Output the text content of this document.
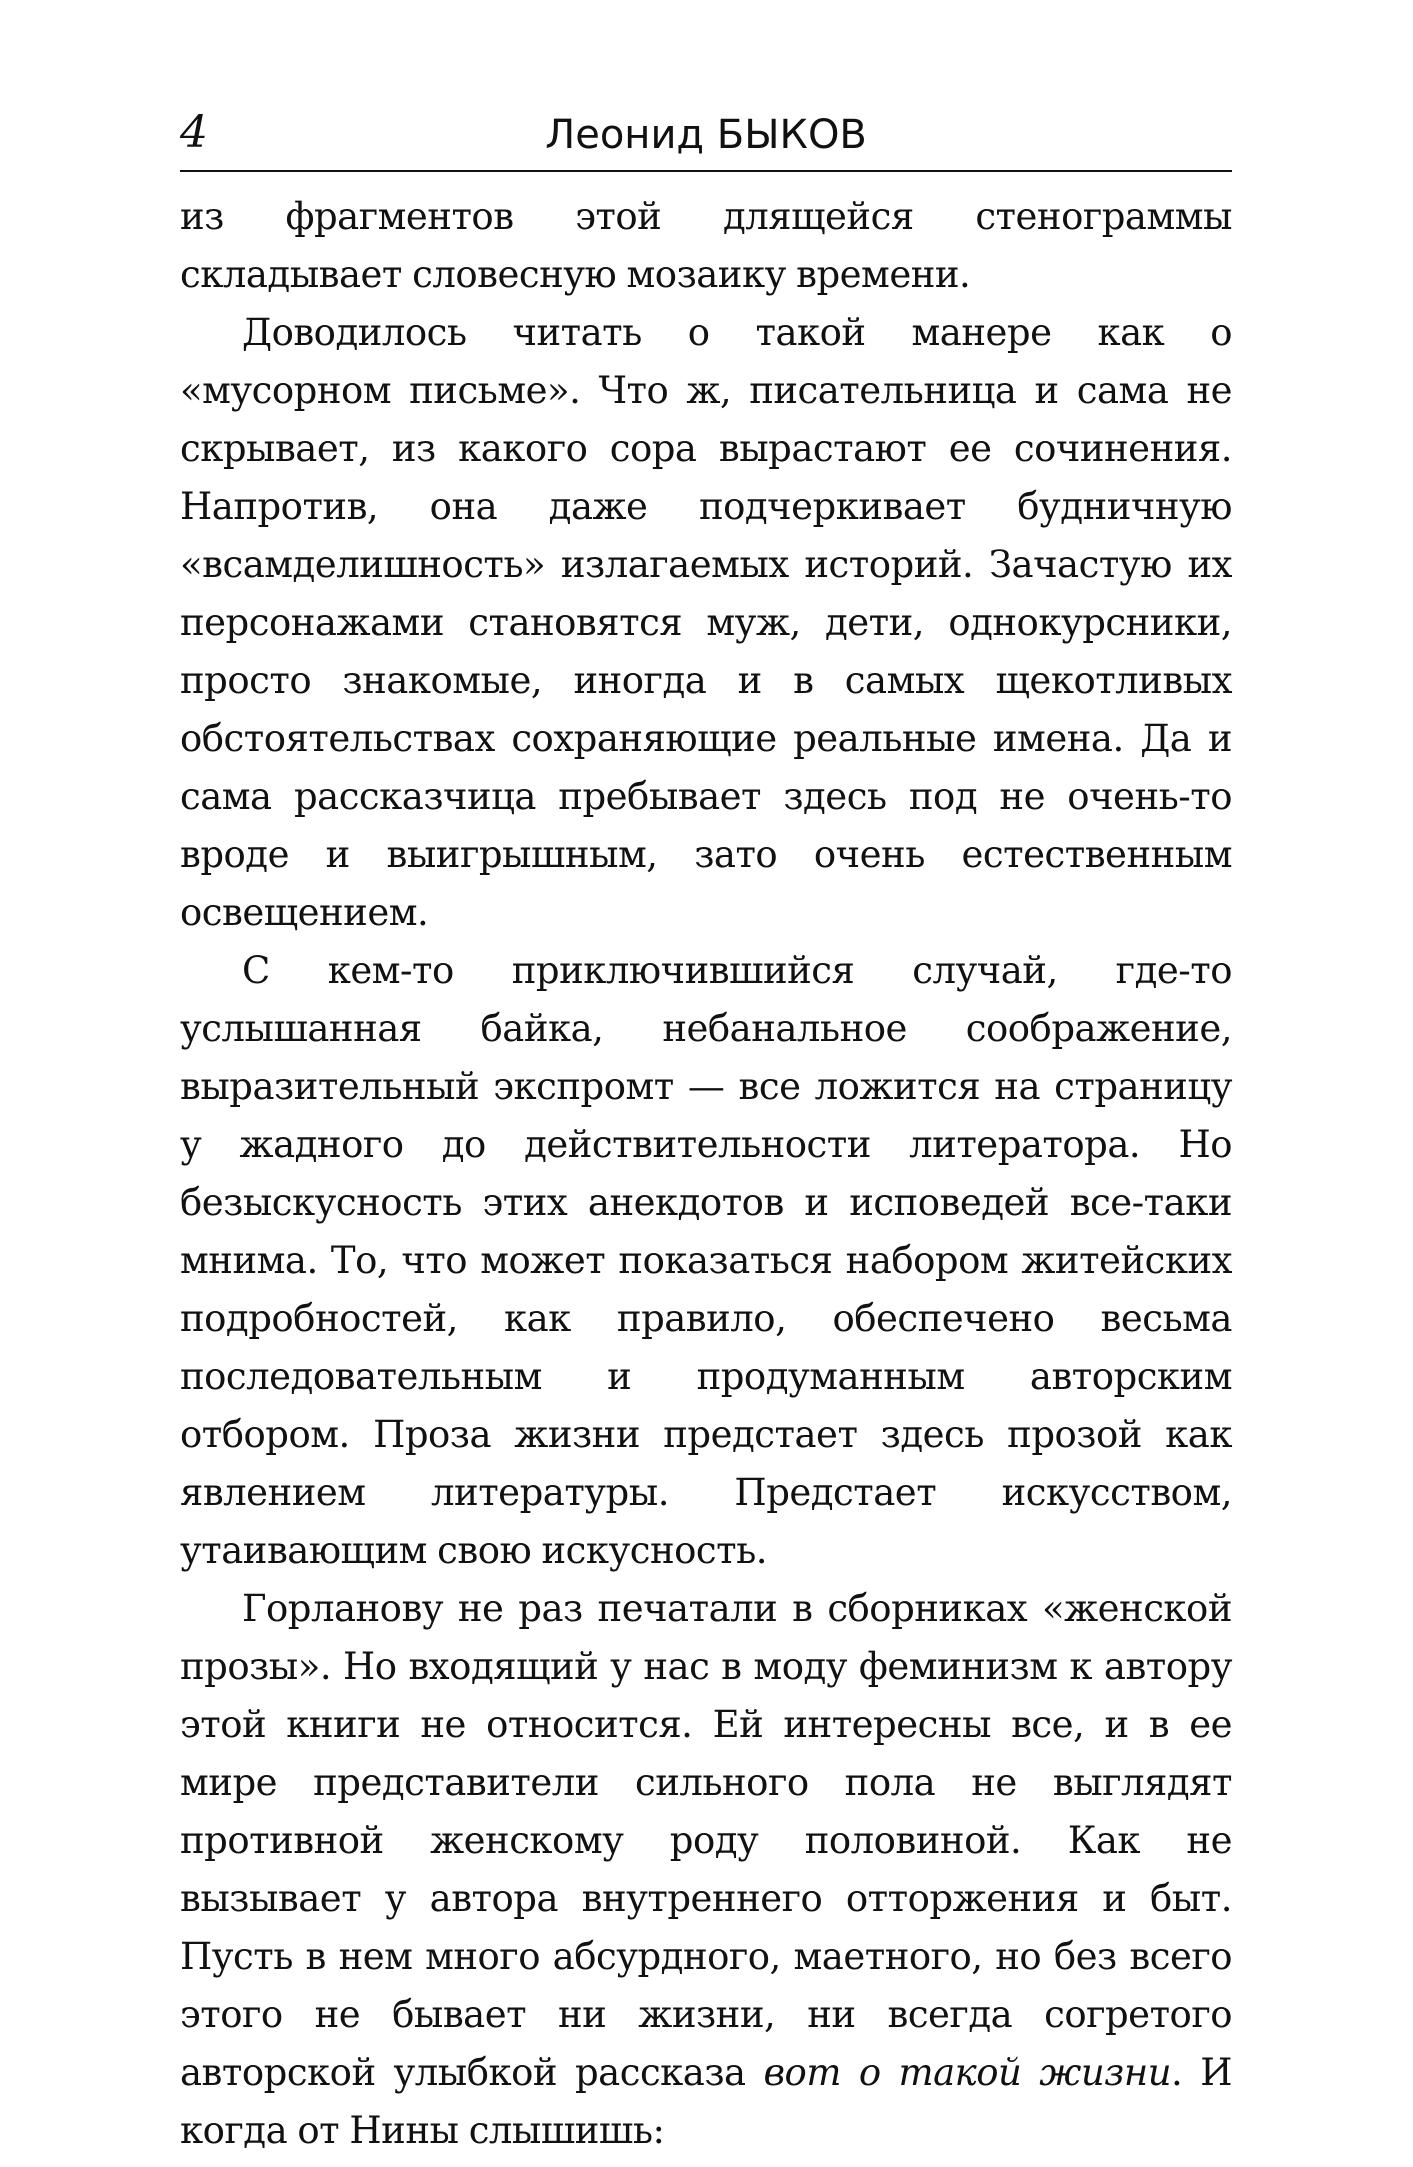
4	Леонид БЫКОВ

из фрагментов этой длящейся стенограммы складывает словесную мозаику времени.

Доводилось читать о такой манере как о «мусорном письме». Что ж, писательница и сама не скрывает, из какого сора вырастают ее сочинения. Напротив, она даже подчеркивает будничную «всамделишность» излагаемых историй. Зачастую их персонажами становятся муж, дети, однокурсники, просто знакомые, иногда и в самых щекотливых обстоятельствах сохраняющие реальные имена. Да и сама рассказчица пребывает здесь под не очень-то вроде и выигрышным, зато очень естественным освещением.

С кем-то приключившийся случай, где-то услышанная байка, небанальное соображение, выразительный экспромт — все ложится на страницу у жадного до действительности литератора. Но безыскусность этих анекдотов и исповедей все-таки мнима. То, что может показаться набором житейских подробностей, как правило, обеспечено весьма последовательным и продуманным авторским отбором. Проза жизни предстает здесь прозой как явлением литературы. Предстает искусством, утаивающим свою искусность.

Горланову не раз печатали в сборниках «женской прозы». Но входящий у нас в моду феминизм к автору этой книги не относится. Ей интересны все, и в ее мире представители сильного пола не выглядят противной женскому роду половиной. Как не вызывает у автора внутреннего отторжения и быт. Пусть в нем много абсурдного, маетного, но без всего этого не бывает ни жизни, ни всегда согретого авторской улыбкой рассказа вот о такой жизни. И когда от Нины слышишь:
